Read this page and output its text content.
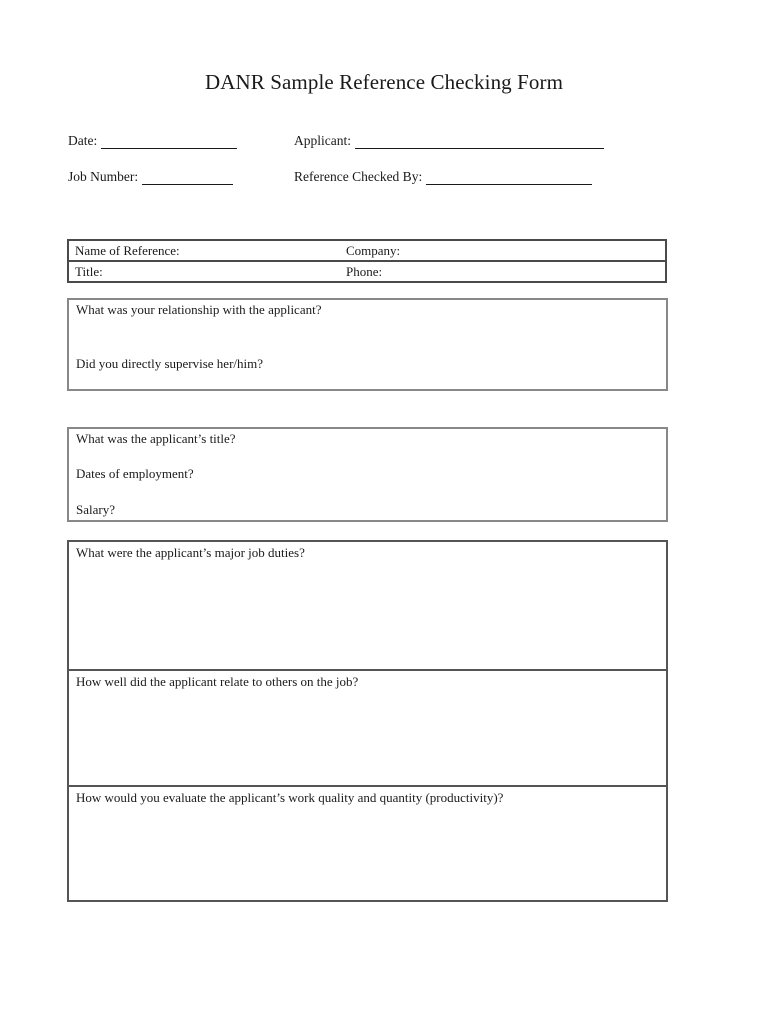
DANR Sample Reference Checking Form
Date:	Applicant:
Job Number:	Reference Checked By:
Name of Reference:	Company:
Title:	Phone:
What was your relationship with the applicant?
Did you directly supervise her/him?
What was the applicant’s title?
Dates of employment?
Salary?
What were the applicant’s major job duties?
How well did the applicant relate to others on the job?
How would you evaluate the applicant’s work quality and quantity (productivity)?
